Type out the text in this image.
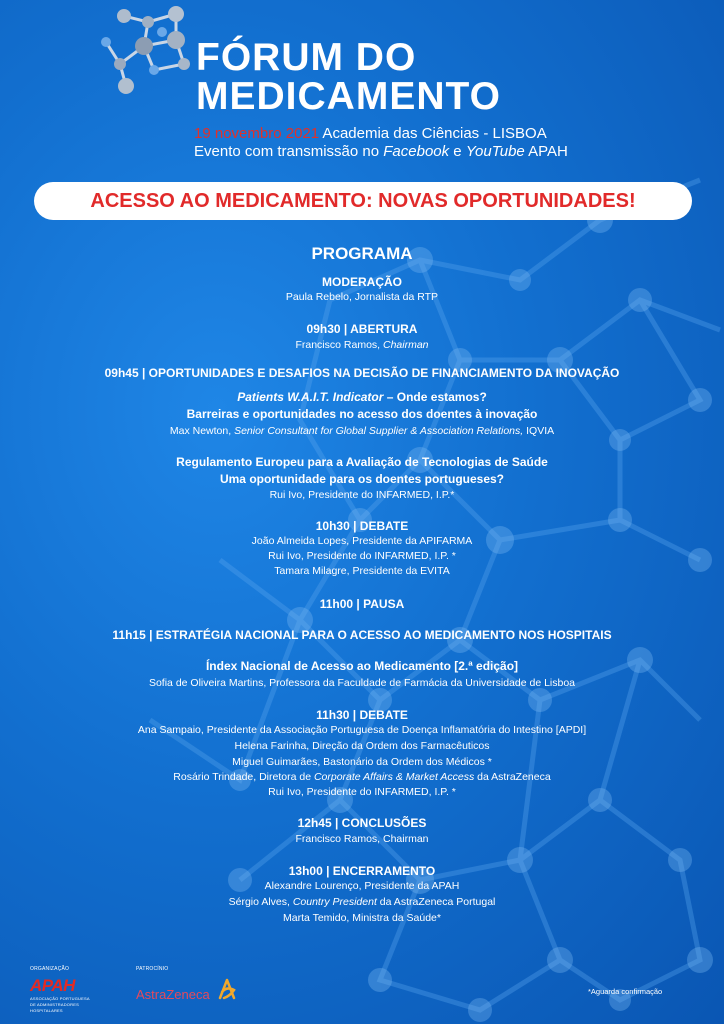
FÓRUM DO
MEDICAMENTO
19 novembro 2021 Academia das Ciências - LISBOA
Evento com transmissão no Facebook e YouTube APAH
ACESSO AO MEDICAMENTO: NOVAS OPORTUNIDADES!
PROGRAMA
MODERAÇÃO
Paula Rebelo, Jornalista da RTP
09h30 | ABERTURA
Francisco Ramos, Chairman
09h45 | OPORTUNIDADES E DESAFIOS NA DECISÃO DE FINANCIAMENTO DA INOVAÇÃO
Patients W.A.I.T. Indicator – Onde estamos?
Barreiras e oportunidades no acesso dos doentes à inovação
Max Newton, Senior Consultant for Global Supplier & Association Relations, IQVIA
Regulamento Europeu para a Avaliação de Tecnologias de Saúde
Uma oportunidade para os doentes portugueses?
Rui Ivo, Presidente do INFARMED, I.P.*
10h30 | DEBATE
João Almeida Lopes, Presidente da APIFARMA
Rui Ivo, Presidente do INFARMED, I.P. *
Tamara Milagre, Presidente da EVITA
11h00 | PAUSA
11h15 | ESTRATÉGIA NACIONAL PARA O ACESSO AO MEDICAMENTO NOS HOSPITAIS
Índex Nacional de Acesso ao Medicamento [2.ª edição]
Sofia de Oliveira Martins, Professora da Faculdade de Farmácia da Universidade de Lisboa
11h30 | DEBATE
Ana Sampaio, Presidente da Associação Portuguesa de Doença Inflamatória do Intestino [APDI]
Helena Farinha, Direção da Ordem dos Farmacêuticos
Miguel Guimarães, Bastonário da Ordem dos Médicos *
Rosário Trindade, Diretora de Corporate Affairs & Market Access da AstraZeneca
Rui Ivo, Presidente do INFARMED, I.P. *
12h45 | CONCLUSÕES
Francisco Ramos, Chairman
13h00 | ENCERRAMENTO
Alexandre Lourenço, Presidente da APAH
Sérgio Alves, Country President da AstraZeneca Portugal
Marta Temido, Ministra da Saúde*
ORGANIZAÇÃO
APAH
ASSOCIAÇÃO PORTUGUESA DE ADMINISTRADORES HOSPITALARES
PATROCÍNIO
AstraZeneca	*Aguarda confirmação
